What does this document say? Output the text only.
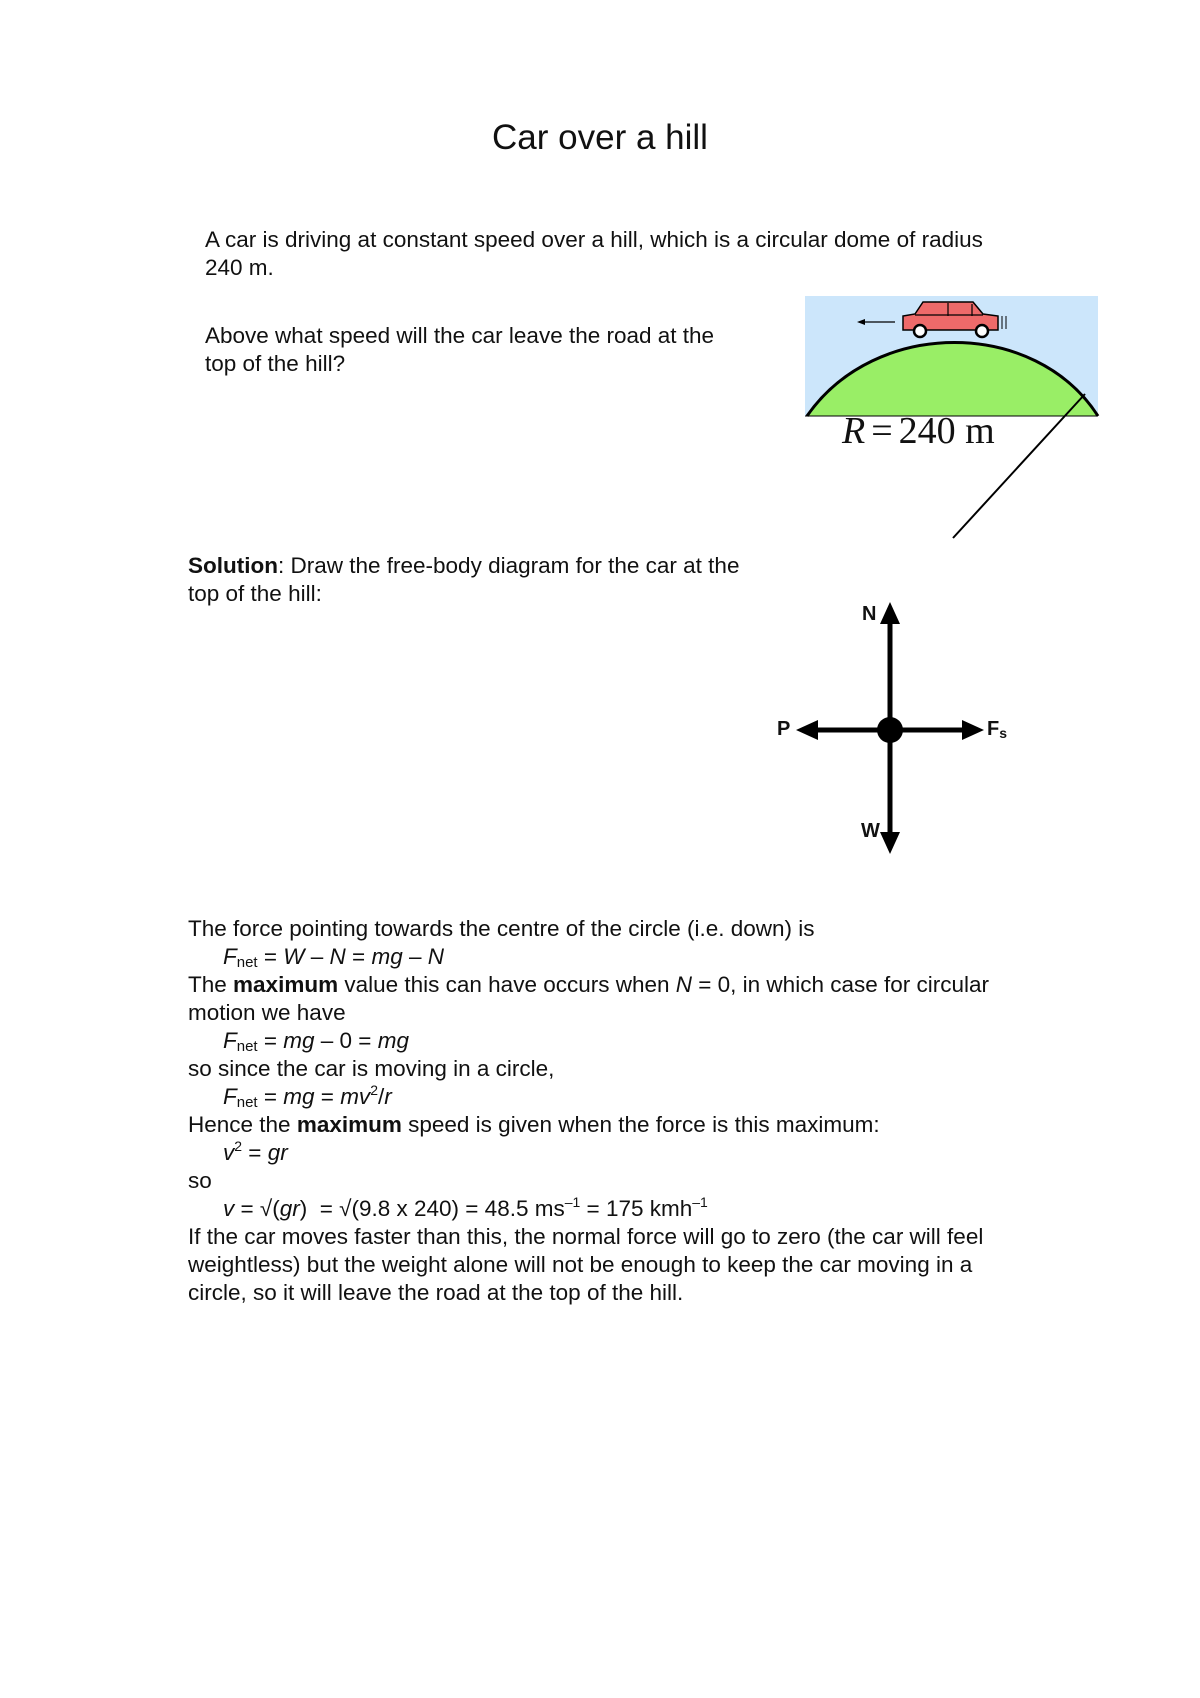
Car over a hill
A car is driving at constant speed over a hill, which is a circular dome of radius
240 m.
Above what speed will the car leave the road at the
top of the hill?
R = 240 m
Solution: Draw the free-body diagram for the car at the
top of the hill:
N
W
P	$F_s$
The force pointing towards the centre of the circle (i.e. down) is
$F_{net} = W - N$ = mg – N
The maximum value this can have occurs when N = 0, in which case for circular
motion we have
$F_{net}$ = mg – 0 = mg
so since the car is moving in a circle,
$F_{net}$ = mg = $mv^2/r$
Hence the maximum speed is given when the force is this maximum:
$v^2$ = gr
so
v = √(gr)  = √(9.8 x 240) = 48.5 $ms^{-1} = 175$ kmh$^{-1}$
If the car moves faster than this, the normal force will go to zero (the car will feel
weightless) but the weight alone will not be enough to keep the car moving in a
circle, so it will leave the road at the top of the hill.
